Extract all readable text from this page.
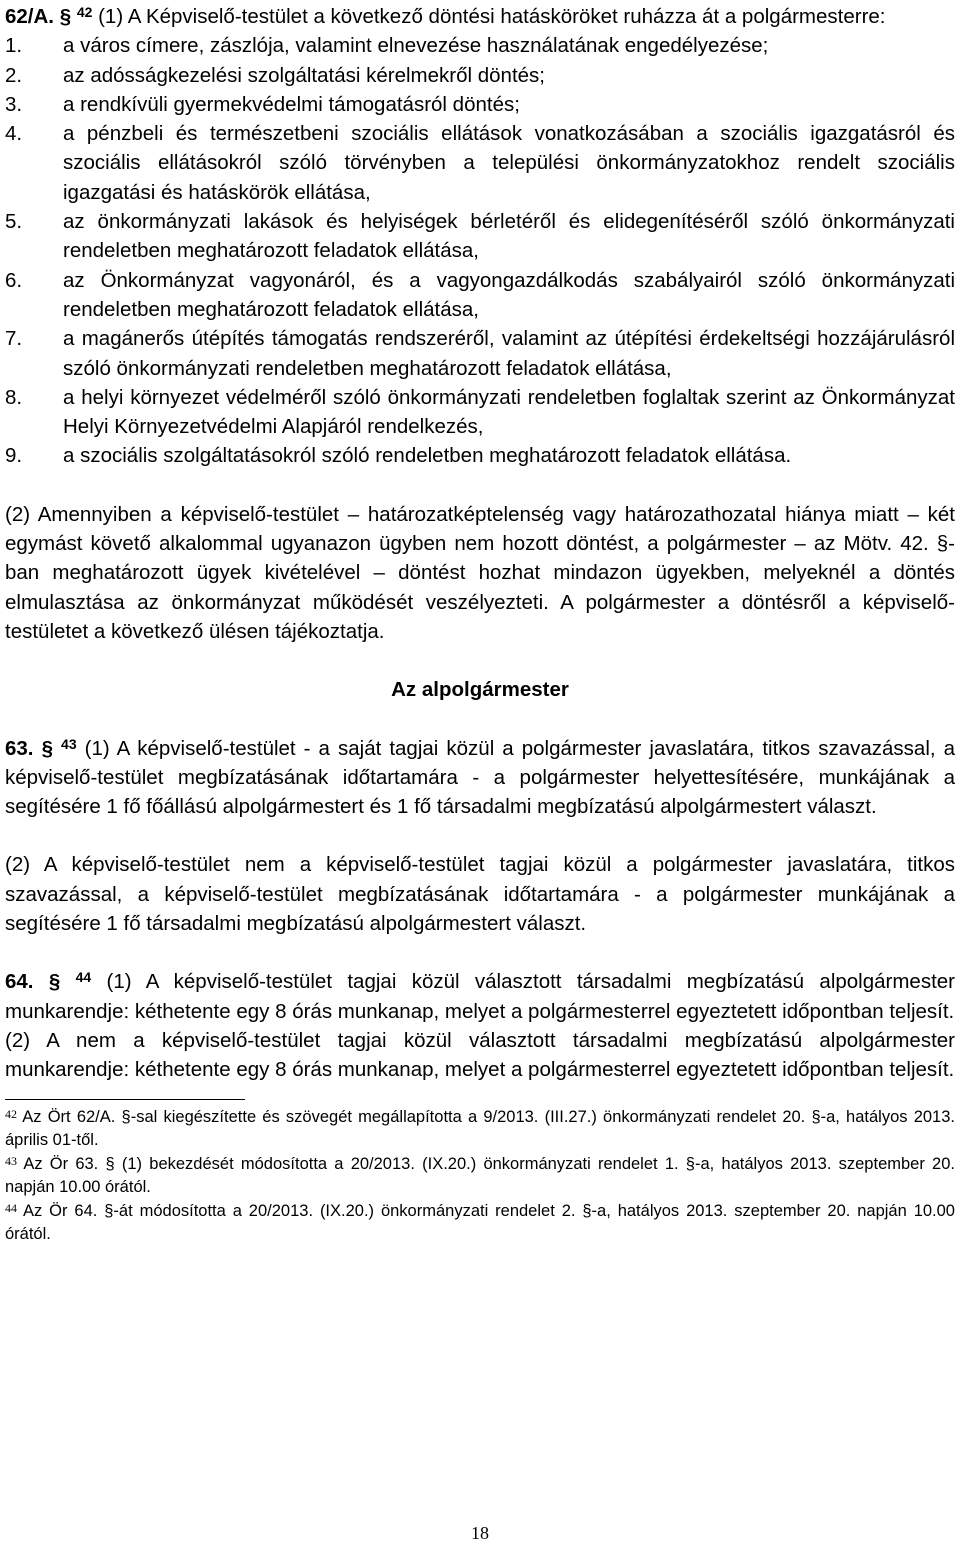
62/A. § $^{42}$ (1) A Képviselő-testület a következő döntési hatásköröket ruházza át a polgármesterre:
1.	a város címere, zászlója, valamint elnevezése használatának engedélyezése;
2.	az adósságkezelési szolgáltatási kérelmekről döntés;
3.	a rendkívüli gyermekvédelmi támogatásról döntés;
4.	a pénzbeli és természetbeni szociális ellátások vonatkozásában a szociális igazgatásról és szociális ellátásokról szóló törvényben a települési önkormányzatokhoz rendelt szociális igazgatási és hatáskörök ellátása,
5.	az önkormányzati lakások és helyiségek bérletéről és elidegenítéséről szóló önkormányzati rendeletben meghatározott feladatok ellátása,
6.	az Önkormányzat vagyonáról, és a vagyongazdálkodás szabályairól szóló önkormányzati rendeletben meghatározott feladatok ellátása,
7.	a magánerős útépítés támogatás rendszeréről, valamint az útépítési érdekeltségi hozzájárulásról szóló önkormányzati rendeletben meghatározott feladatok ellátása,
8.	a helyi környezet védelméről szóló önkormányzati rendeletben foglaltak szerint az Önkormányzat Helyi Környezetvédelmi Alapjáról rendelkezés,
9.	a szociális szolgáltatásokról szóló rendeletben meghatározott feladatok ellátása.
(2) Amennyiben a képviselő-testület – határozatképtelenség vagy határozathozatal hiánya miatt – két egymást követő alkalommal ugyanazon ügyben nem hozott döntést, a polgármester – az Mötv. 42. §-ban meghatározott ügyek kivételével – döntést hozhat mindazon ügyekben, melyeknél a döntés elmulasztása az önkormányzat működését veszélyezteti. A polgármester a döntésről a képviselő-testületet a következő ülésen tájékoztatja.
Az alpolgármester
63. § $^{43}$ (1) A képviselő-testület - a saját tagjai közül a polgármester javaslatára, titkos szavazással, a képviselő-testület megbízatásának időtartamára - a polgármester helyettesítésére, munkájának a segítésére 1 fő főállású alpolgármestert és 1 fő társadalmi megbízatású alpolgármestert választ.
(2) A képviselő-testület nem a képviselő-testület tagjai közül a polgármester javaslatára, titkos szavazással, a képviselő-testület megbízatásának időtartamára - a polgármester munkájának a segítésére 1 fő társadalmi megbízatású alpolgármestert választ.
64. § $^{44}$ (1) A képviselő-testület tagjai közül választott társadalmi megbízatású alpolgármester munkarendje: kéthetente egy 8 órás munkanap, melyet a polgármesterrel egyeztetett időpontban teljesít.
(2) A nem a képviselő-testület tagjai közül választott társadalmi megbízatású alpolgármester munkarendje: kéthetente egy 8 órás munkanap, melyet a polgármesterrel egyeztetett időpontban teljesít.
$^{42}$ Az Ört 62/A. §-sal kiegészítette és szövegét megállapította a 9/2013. (III.27.) önkormányzati rendelet 20. §-a, hatályos 2013. április 01-től.
$^{43}$ Az Ör 63. § (1) bekezdését módosította a 20/2013. (IX.20.) önkormányzati rendelet 1. §-a, hatályos 2013. szeptember 20. napján 10.00 órától.
$^{44}$ Az Ör 64. §-át módosította a 20/2013. (IX.20.) önkormányzati rendelet 2. §-a, hatályos 2013. szeptember 20. napján 10.00 órától.
18
